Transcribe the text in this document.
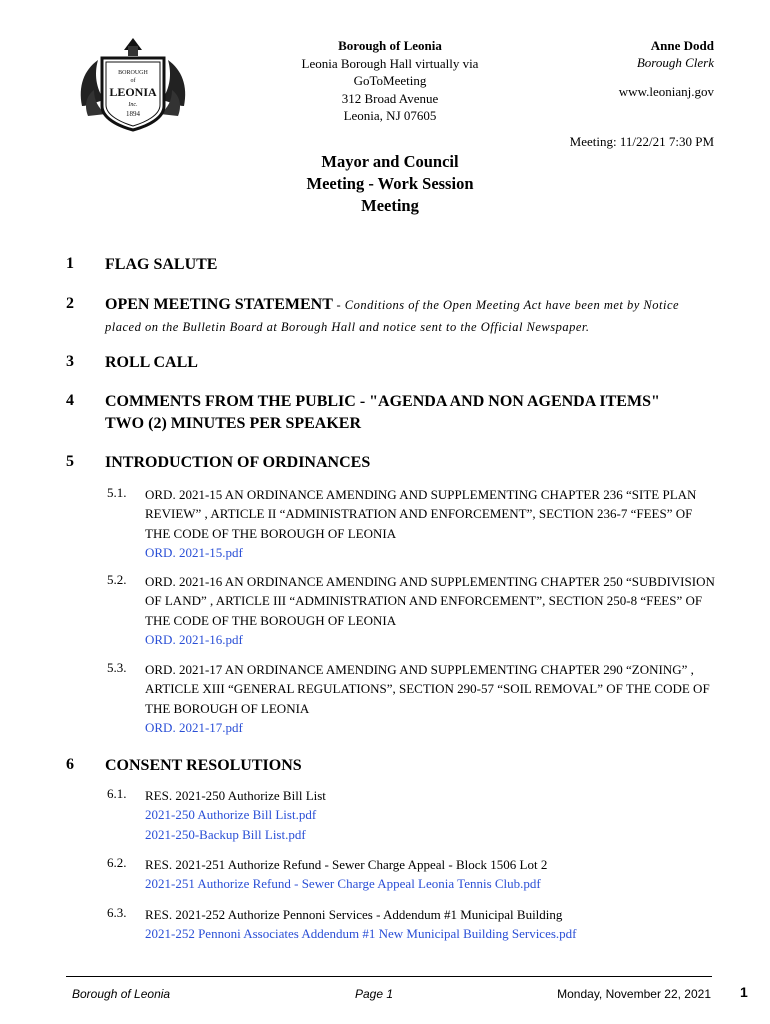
BOROUGH
of
LEONIA
Inc.
1894
Borough of Leonia
Leonia Borough Hall virtually via
GoToMeeting
312 Broad Avenue
Leonia, NJ 07605
Anne Dodd
Borough Clerk
www.leonianj.gov
Meeting: 11/22/21 7:30 PM
Mayor and Council
Meeting - Work Session
Meeting
1 FLAG SALUTE
2 OPEN MEETING STATEMENT - Conditions of the Open Meeting Act have been met by Notice placed on the Bulletin Board at Borough Hall and notice sent to the Official Newspaper.
3 ROLL CALL
4 COMMENTS FROM THE PUBLIC - "AGENDA AND NON AGENDA ITEMS" TWO (2) MINUTES PER SPEAKER
5 INTRODUCTION OF ORDINANCES
5.1. ORD. 2021-15 AN ORDINANCE AMENDING AND SUPPLEMENTING CHAPTER 236 “SITE PLAN REVIEW” , ARTICLE II “ADMINISTRATION AND ENFORCEMENT”, SECTION 236-7 “FEES” OF THE CODE OF THE BOROUGH OF LEONIA
ORD. 2021-15.pdf
5.2. ORD. 2021-16 AN ORDINANCE AMENDING AND SUPPLEMENTING CHAPTER 250 “SUBDIVISION OF LAND” , ARTICLE III “ADMINISTRATION AND ENFORCEMENT”, SECTION 250-8 “FEES” OF THE CODE OF THE BOROUGH OF LEONIA
ORD. 2021-16.pdf
5.3. ORD. 2021-17 AN ORDINANCE AMENDING AND SUPPLEMENTING CHAPTER 290 “ZONING” , ARTICLE XIII “GENERAL REGULATIONS”, SECTION 290-57 “SOIL REMOVAL” OF THE CODE OF THE BOROUGH OF LEONIA
ORD. 2021-17.pdf
6 CONSENT RESOLUTIONS
6.1. RES. 2021-250 Authorize Bill List
2021-250 Authorize Bill List.pdf
2021-250-Backup Bill List.pdf
6.2. RES. 2021-251 Authorize Refund - Sewer Charge Appeal - Block 1506 Lot 2
2021-251 Authorize Refund - Sewer Charge Appeal Leonia Tennis Club.pdf
6.3. RES. 2021-252 Authorize Pennoni Services - Addendum #1 Municipal Building
2021-252 Pennoni Associates Addendum #1 New Municipal Building Services.pdf
Borough of Leonia	Page 1	Monday, November 22, 2021 1
